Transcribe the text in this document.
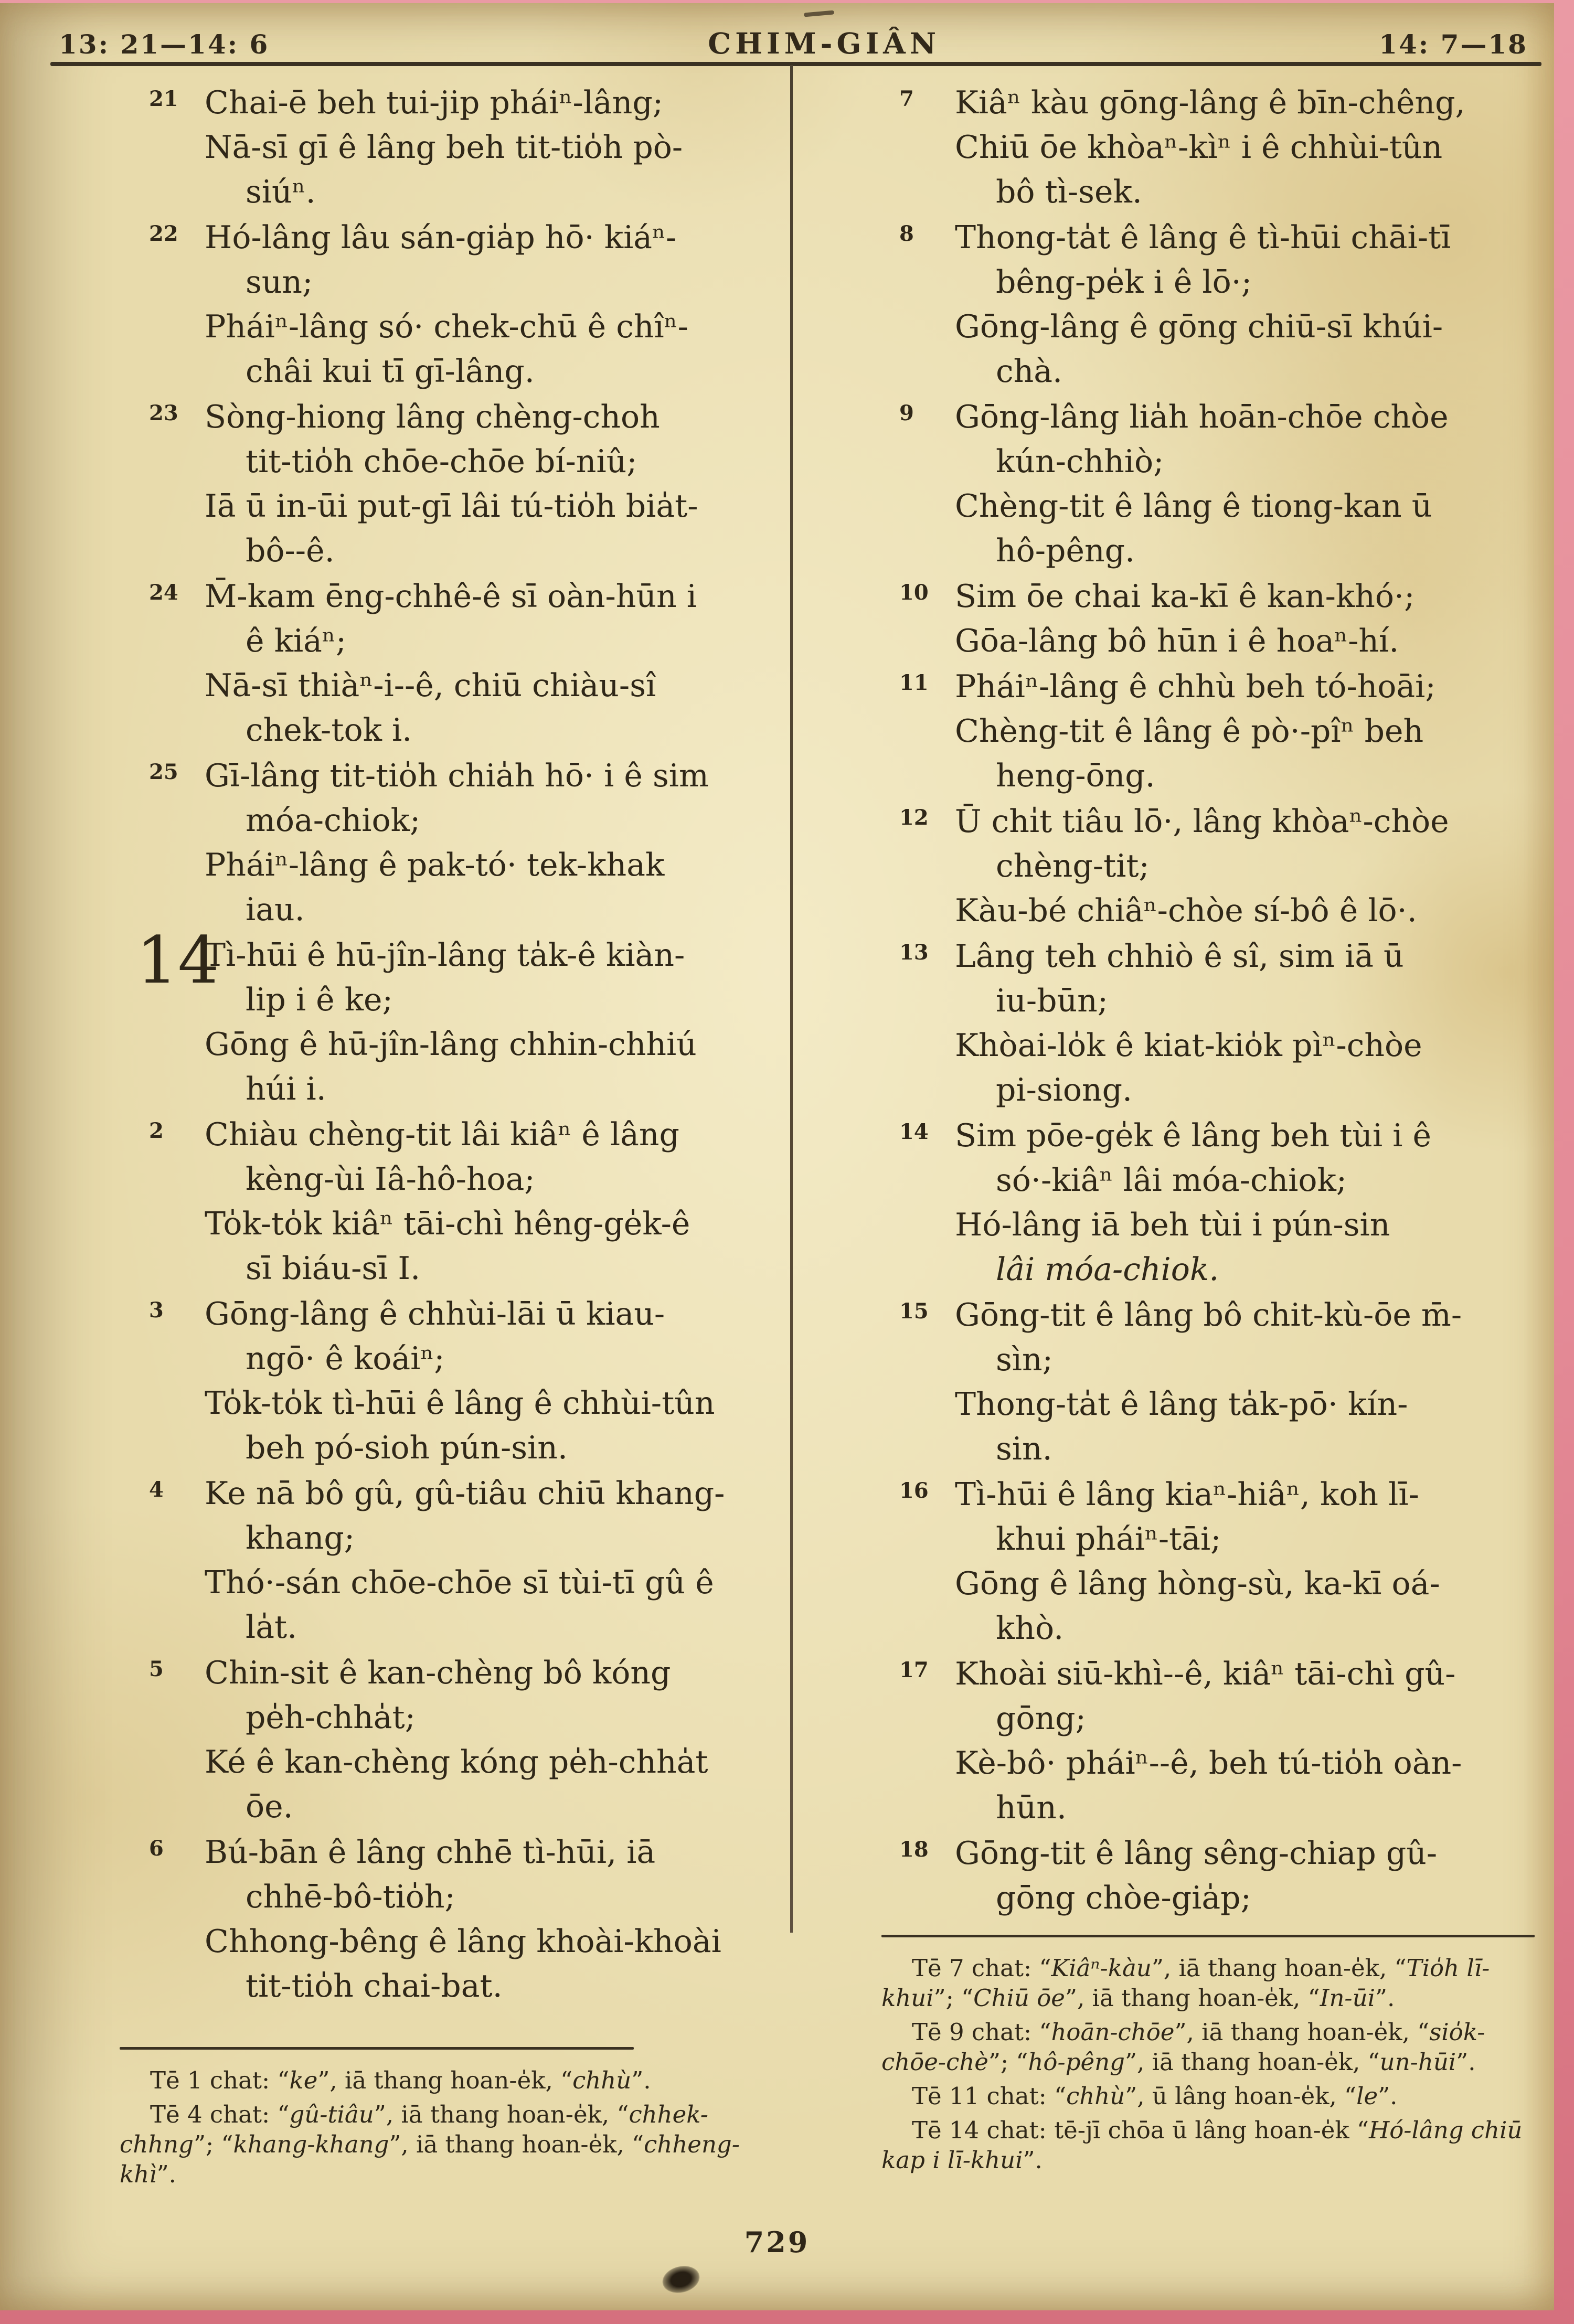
13: 21—14: 6	CHIM-GIÂN	14: 7—18
21 Chai-ē beh tui-jip pháiⁿ-lâng;
Nā-sī gī ê lâng beh tit-tio̍h pò-
siúⁿ.
22 Hó-lâng lâu sán-gia̍p hō· kiáⁿ-
sun;
Pháiⁿ-lâng só· chek-chū ê chîⁿ-
châi kui tī gī-lâng.
23 Sòng-hiong lâng chèng-choh
tit-tio̍h chōe-chōe bí-niû;
Iā ū in-ūi put-gī lâi tú-tio̍h bia̍t-
bô--ê.
24 M̄-kam ēng-chhê-ê sī oàn-hūn i
ê kiáⁿ;
Nā-sī thiàⁿ-i--ê, chiū chiàu-sî
chek-tok i.
25 Gī-lâng tit-tio̍h chia̍h hō· i ê sim
móa-chiok;
Pháiⁿ-lâng ê pak-tó· tek-khak
iau.
14
Tì-hūi ê hū-jîn-lâng ta̍k-ê kiàn-
lip i ê ke;
Gōng ê hū-jîn-lâng chhin-chhiú
húi i.
2 Chiàu chèng-tit lâi kiâⁿ ê lâng
kèng-ùi Iâ-hô-hoa;
To̍k-to̍k kiâⁿ tāi-chì hêng-ge̍k-ê
sī biáu-sī I.
3 Gōng-lâng ê chhùi-lāi ū kiau-
ngō· ê koáiⁿ;
To̍k-to̍k tì-hūi ê lâng ê chhùi-tûn
beh pó-sioh pún-sin.
4 Ke nā bô gû, gû-tiâu chiū khang-
khang;
Thó·-sán chōe-chōe sī tùi-tī gû ê
la̍t.
5 Chin-sit ê kan-chèng bô kóng
pe̍h-chha̍t;
Ké ê kan-chèng kóng pe̍h-chha̍t
ōe.
6 Bú-bān ê lâng chhē tì-hūi, iā
chhē-bô-tio̍h;
Chhong-bêng ê lâng khoài-khoài
tit-tio̍h chai-bat.
7 Kiâⁿ kàu gōng-lâng ê bīn-chêng,
Chiū ōe khòaⁿ-kìⁿ i ê chhùi-tûn
bô tì-sek.
8 Thong-ta̍t ê lâng ê tì-hūi chāi-tī
bêng-pe̍k i ê lō·;
Gōng-lâng ê gōng chiū-sī khúi-
chà.
9 Gōng-lâng lia̍h hoān-chōe chòe
kún-chhiò;
Chèng-tit ê lâng ê tiong-kan ū
hô-pêng.
10 Sim ōe chai ka-kī ê kan-khó·;
Gōa-lâng bô hūn i ê hoaⁿ-hí.
11 Pháiⁿ-lâng ê chhù beh tó-hoāi;
Chèng-tit ê lâng ê pò·-pîⁿ beh
heng-ōng.
12 Ū chi̍t tiâu lō·, lâng khòaⁿ-chòe
chèng-tit;
Kàu-bé chiâⁿ-chòe sí-bô ê lō·.
13 Lâng teh chhiò ê sî, sim iā ū
iu-būn;
Khòai-lo̍k ê kiat-kio̍k pìⁿ-chòe
pi-siong.
14 Sim pōe-ge̍k ê lâng beh tùi i ê
só·-kiâⁿ lâi móa-chiok;
Hó-lâng iā beh tùi i pún-sin
lâi móa-chiok.
15 Gōng-tit ê lâng bô chit-kù-ōe m̄-
sìn;
Thong-ta̍t ê lâng ta̍k-pō· kín-
sin.
16 Tì-hūi ê lâng kiaⁿ-hiâⁿ, koh lī-
khui pháiⁿ-tāi;
Gōng ê lâng hòng-sù, ka-kī oá-
khò.
17 Khoài siū-khì--ê, kiâⁿ tāi-chì gû-
gōng;
Kè-bô· pháiⁿ--ê, beh tú-tio̍h oàn-
hūn.
18 Gōng-tit ê lâng sêng-chiap gû-
gōng chòe-gia̍p;

Tē 1 chat: “ke”, iā thang hoan-e̍k, “chhù”.

Tē 4 chat: “gû-tiâu”, iā thang hoan-e̍k, “chhek-chhng”; “khang-khang”, iā thang hoan-e̍k, “chheng-khì”.

Tē 7 chat: “Kiâⁿ-kàu”, iā thang hoan-e̍k, “Tio̍h lī-khui”; “Chiū ōe”, iā thang hoan-e̍k, “In-ūi”.

Tē 9 chat: “hoān-chōe”, iā thang hoan-e̍k, “sio̍k-chōe-chè”; “hô-pêng”, iā thang hoan-e̍k, “un-hūi”.

Tē 11 chat: “chhù”, ū lâng hoan-e̍k, “le”.

Tē 14 chat: tē-jī chōa ū lâng hoan-e̍k “Hó-lâng chiū kap i lī-khui”.

729
